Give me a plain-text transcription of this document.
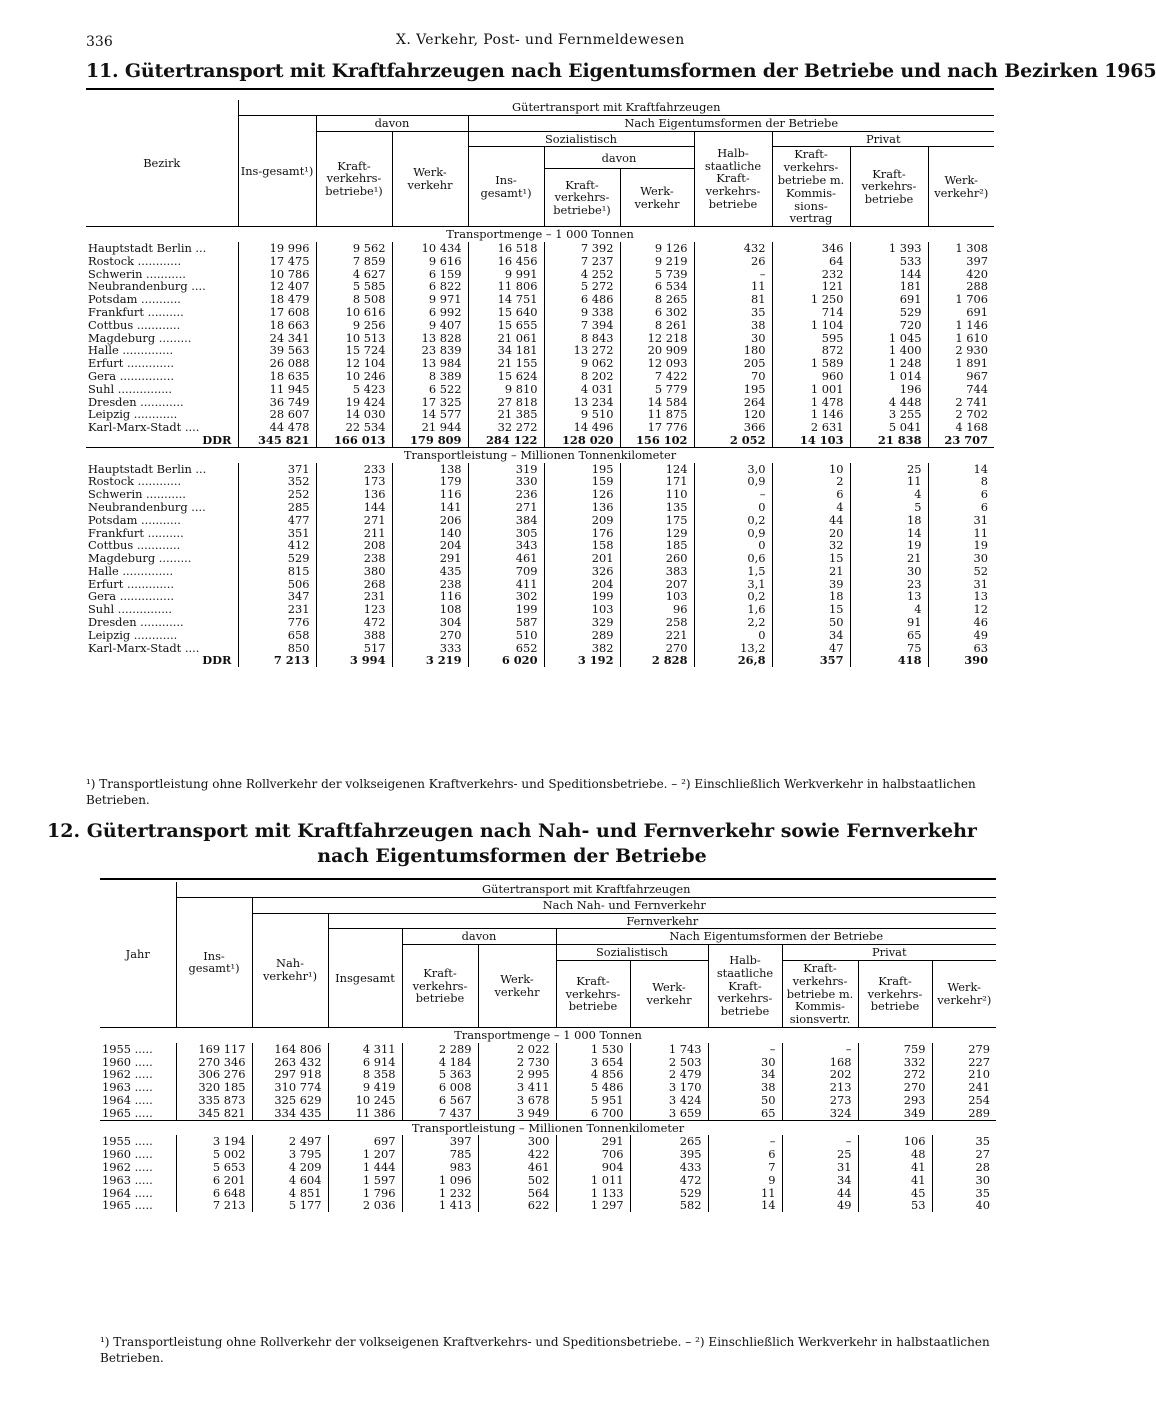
336	X. Verkehr, Post- und Fernmeldewesen
11. Gütertransport mit Kraftfahrzeugen nach Eigentumsformen der Betriebe und nach Bezirken 1965
Bezirk	Gütertransport mit Kraftfahrzeugen									
	Ins-gesamt¹)	davon		Nach Eigentumsformen der Betriebe						
		Kraft-verkehrs-betriebe¹)	Werk-verkehr	Sozialistisch			Halb-staatliche Kraft-verkehrs-betriebe	Privat		
				Ins-gesamt¹)	davon			Kraft-verkehrs-betriebe m. Kommis-sions-vertrag	Kraft-verkehrs-betriebe	Werk-verkehr²)
					Kraft-verkehrs-betriebe¹)	Werk-verkehr				
Transportmenge – 1 000 Tonnen										
Hauptstadt Berlin ...	19 996	9 562	10 434	16 518	7 392	9 126	432	346	1 393	1 308
Rostock ............	17 475	7 859	9 616	16 456	7 237	9 219	26	64	533	397
Schwerin ...........	10 786	4 627	6 159	9 991	4 252	5 739	–	232	144	420
Neubrandenburg ....	12 407	5 585	6 822	11 806	5 272	6 534	11	121	181	288
Potsdam ...........	18 479	8 508	9 971	14 751	6 486	8 265	81	1 250	691	1 706
Frankfurt ..........	17 608	10 616	6 992	15 640	9 338	6 302	35	714	529	691
Cottbus ............	18 663	9 256	9 407	15 655	7 394	8 261	38	1 104	720	1 146
Magdeburg .........	24 341	10 513	13 828	21 061	8 843	12 218	30	595	1 045	1 610
Halle ..............	39 563	15 724	23 839	34 181	13 272	20 909	180	872	1 400	2 930
Erfurt .............	26 088	12 104	13 984	21 155	9 062	12 093	205	1 589	1 248	1 891
Gera ...............	18 635	10 246	8 389	15 624	8 202	7 422	70	960	1 014	967
Suhl ...............	11 945	5 423	6 522	9 810	4 031	5 779	195	1 001	196	744
Dresden ............	36 749	19 424	17 325	27 818	13 234	14 584	264	1 478	4 448	2 741
Leipzig ............	28 607	14 030	14 577	21 385	9 510	11 875	120	1 146	3 255	2 702
Karl-Marx-Stadt ....	44 478	22 534	21 944	32 272	14 496	17 776	366	2 631	5 041	4 168
DDR	345 821	166 013	179 809	284 122	128 020	156 102	2 052	14 103	21 838	23 707
Transportleistung – Millionen Tonnenkilometer										
Hauptstadt Berlin ...	371	233	138	319	195	124	3,0	10	25	14
Rostock ............	352	173	179	330	159	171	0,9	2	11	8
Schwerin ...........	252	136	116	236	126	110	–	6	4	6
Neubrandenburg ....	285	144	141	271	136	135	0	4	5	6
Potsdam ...........	477	271	206	384	209	175	0,2	44	18	31
Frankfurt ..........	351	211	140	305	176	129	0,9	20	14	11
Cottbus ............	412	208	204	343	158	185	0	32	19	19
Magdeburg .........	529	238	291	461	201	260	0,6	15	21	30
Halle ..............	815	380	435	709	326	383	1,5	21	30	52
Erfurt .............	506	268	238	411	204	207	3,1	39	23	31
Gera ...............	347	231	116	302	199	103	0,2	18	13	13
Suhl ...............	231	123	108	199	103	96	1,6	15	4	12
Dresden ............	776	472	304	587	329	258	2,2	50	91	46
Leipzig ............	658	388	270	510	289	221	0	34	65	49
Karl-Marx-Stadt ....	850	517	333	652	382	270	13,2	47	75	63
DDR	7 213	3 994	3 219	6 020	3 192	2 828	26,8	357	418	390
¹) Transportleistung ohne Rollverkehr der volkseigenen Kraftverkehrs- und Speditionsbetriebe. – ²) Einschließlich Werkverkehr in halbstaatlichen Betrieben.
12. Gütertransport mit Kraftfahrzeugen nach Nah- und Fernverkehr sowie Fernverkehr
nach Eigentumsformen der Betriebe
Jahr	Gütertransport mit Kraftfahrzeugen										
	Ins-gesamt¹)	Nach Nah- und Fernverkehr									
		Nah-verkehr¹)	Fernverkehr								
			Insgesamt	davon		Nach Eigentumsformen der Betriebe					
				Kraft-verkehrs-betriebe	Werk-verkehr	Sozialistisch		Halb-staatliche Kraft-verkehrs-betriebe	Privat		
						Kraft-verkehrs-betriebe	Werk-verkehr		Kraft-verkehrs-betriebe m. Kommis-sionsvertr.	Kraft-verkehrs-betriebe	Werk-verkehr²)
Transportmenge – 1 000 Tonnen											
1955 .....	169 117	164 806	4 311	2 289	2 022	1 530	1 743	–	–	759	279
1960 .....	270 346	263 432	6 914	4 184	2 730	3 654	2 503	30	168	332	227
1962 .....	306 276	297 918	8 358	5 363	2 995	4 856	2 479	34	202	272	210
1963 .....	320 185	310 774	9 419	6 008	3 411	5 486	3 170	38	213	270	241
1964 .....	335 873	325 629	10 245	6 567	3 678	5 951	3 424	50	273	293	254
1965 .....	345 821	334 435	11 386	7 437	3 949	6 700	3 659	65	324	349	289
Transportleistung – Millionen Tonnenkilometer											
1955 .....	3 194	2 497	697	397	300	291	265	–	–	106	35
1960 .....	5 002	3 795	1 207	785	422	706	395	6	25	48	27
1962 .....	5 653	4 209	1 444	983	461	904	433	7	31	41	28
1963 .....	6 201	4 604	1 597	1 096	502	1 011	472	9	34	41	30
1964 .....	6 648	4 851	1 796	1 232	564	1 133	529	11	44	45	35
1965 .....	7 213	5 177	2 036	1 413	622	1 297	582	14	49	53	40
¹) Transportleistung ohne Rollverkehr der volkseigenen Kraftverkehrs- und Speditionsbetriebe. – ²) Einschließlich Werkverkehr in halbstaatlichen Betrieben.
